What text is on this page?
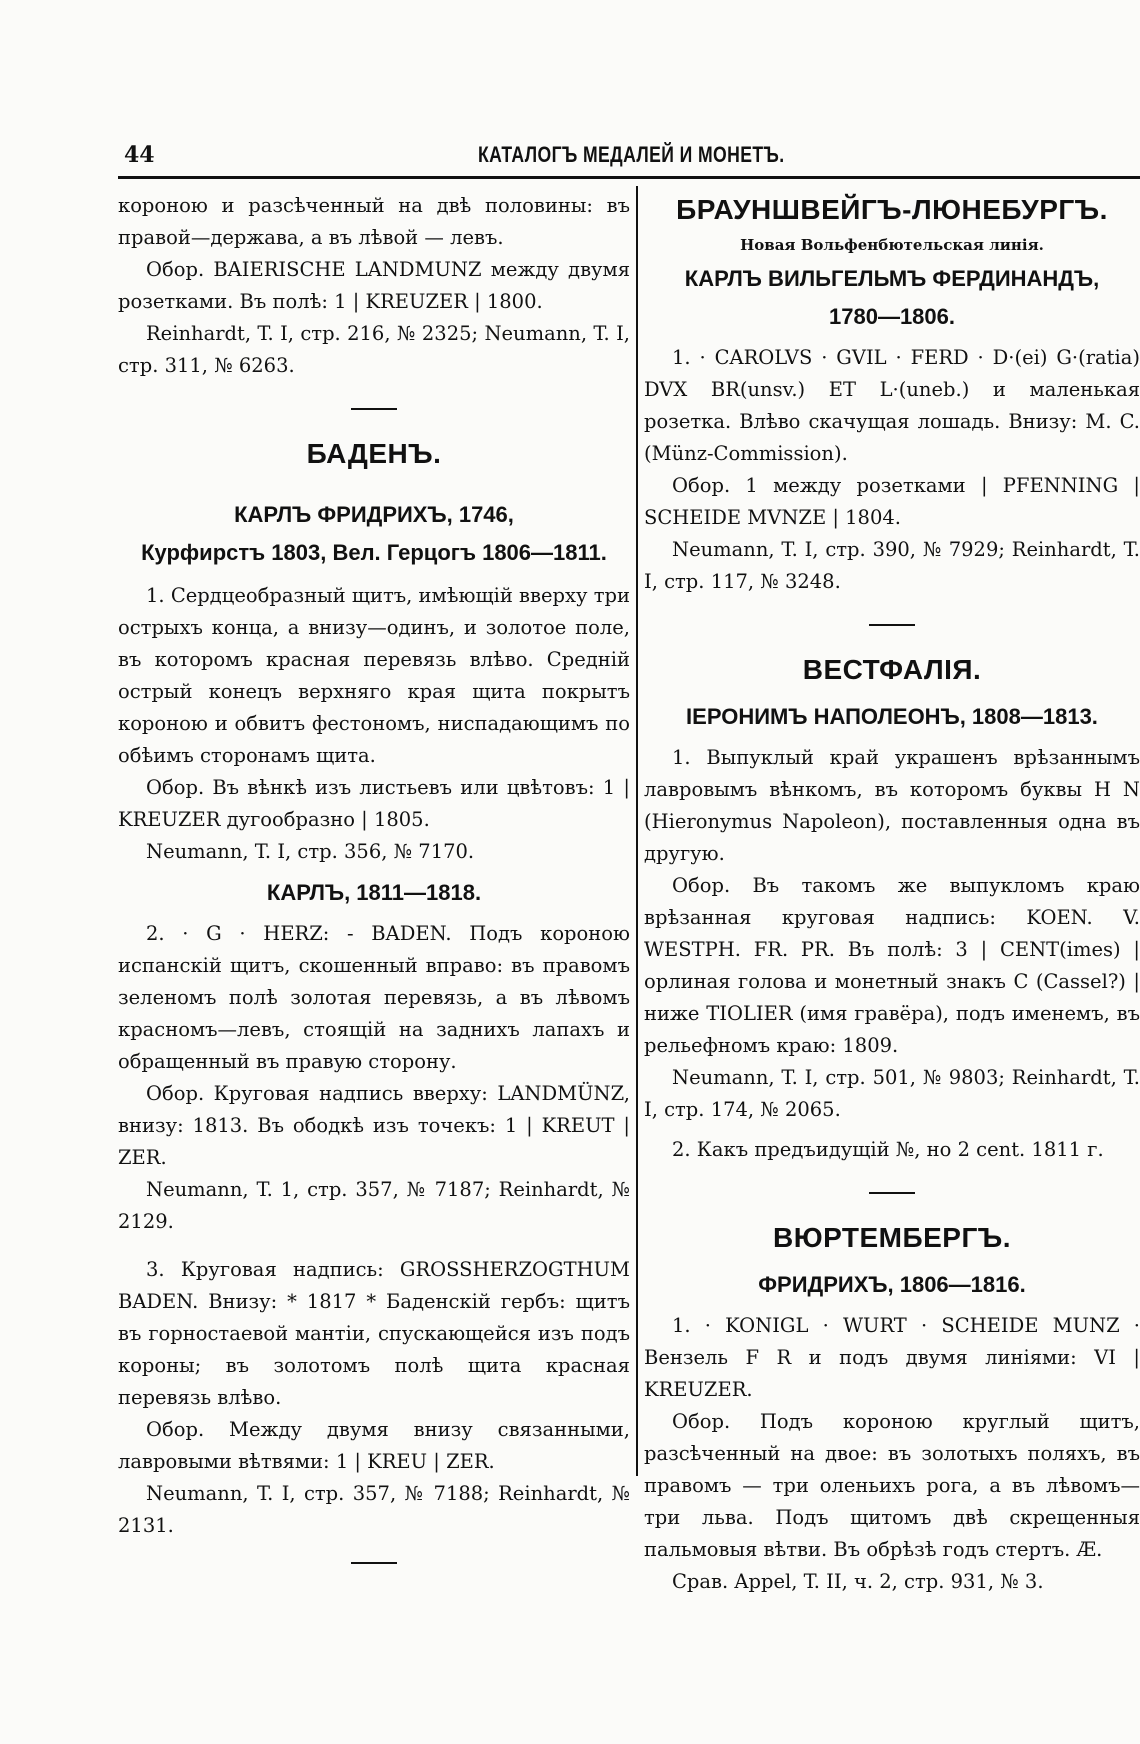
44	КАТАЛОГЪ МЕДАЛЕЙ И МОНЕТЪ.

короною и разсѣченный на двѣ половины: въ правой—держава, а въ лѣвой — левъ.

Обор. BAIERISCHE LANDMUNZ между двумя розетками. Въ полѣ: 1 | KREUZER | 1800.

Reinhardt, T. I, стр. 216, № 2325; Neumann, T. I, стр. 311, № 6263.

БАДЕНЪ.
КАРЛЪ ФРИДРИХЪ, 1746,
Курфирстъ 1803, Вел. Герцогъ 1806—1811.

1. Сердцеобразный щитъ, имѣющій вверху три острыхъ конца, а внизу—одинъ, и золотое поле, въ которомъ красная перевязь влѣво. Средній острый конецъ верхняго края щита покрытъ короною и обвитъ фестономъ, ниспадающимъ по обѣимъ сторонамъ щита.

Обор. Въ вѣнкѣ изъ листьевъ или цвѣтовъ: 1 | KREUZER дугообразно | 1805.

Neumann, T. I, стр. 356, № 7170.

КАРЛЪ, 1811—1818.

2. · G · HERZ: - BADEN. Подъ короною испанскій щитъ, скошенный вправо: въ правомъ зеленомъ полѣ золотая перевязь, а въ лѣвомъ красномъ—левъ, стоящій на заднихъ лапахъ и обращенный въ правую сторону.

Обор. Круговая надпись вверху: LANDMÜNZ, внизу: 1813. Въ ободкѣ изъ точекъ: 1 | KREUT | ZER.

Neumann, T. 1, стр. 357, № 7187; Reinhardt, № 2129.

3. Круговая надпись: GROSSHERZOGTHUM BADEN. Внизу: * 1817 * Баденскій гербъ: щитъ въ горностаевой мантіи, спускающейся изъ подъ короны; въ золотомъ полѣ щита красная перевязь влѣво.

Обор. Между двумя внизу связанными, лавровыми вѣтвями: 1 | KREU | ZER.

Neumann, T. I, стр. 357, № 7188; Reinhardt, № 2131.

БРАУНШВЕЙГЪ-ЛЮНЕБУРГЪ.

Новая Вольфенбютельская линія.

КАРЛЪ ВИЛЬГЕЛЬМЪ ФЕРДИНАНДЪ,
1780—1806.

1. · CAROLVS · GVIL · FERD · D·(ei) G·(ratia) DVX BR(unsv.) ET L·(uneb.) и маленькая розетка. Влѣво скачущая лошадь. Внизу: M. C. (Münz-Commission).

Обор. 1 между розетками | PFENNING | SCHEIDE MVNZE | 1804.

Neumann, T. I, стр. 390, № 7929; Reinhardt, T. I, стр. 117, № 3248.

ВЕСТФАЛІЯ.
ІЕРОНИМЪ НАПОЛЕОНЪ, 1808—1813.

1. Выпуклый край украшенъ врѣзаннымъ лавровымъ вѣнкомъ, въ которомъ буквы H N (Hieronymus Napoleon), поставленныя одна въ другую.

Обор. Въ такомъ же выпукломъ краю врѣзанная круговая надпись: KOEN. V. WESTPH. FR. PR. Въ полѣ: 3 | CENT(imes) | орлиная голова и монетный знакъ C (Cassel?) | ниже TIOLIER (имя гравёра), подъ именемъ, въ рельефномъ краю: 1809.

Neumann, T. I, стр. 501, № 9803; Reinhardt, T. I, стр. 174, № 2065.

2. Какъ предъидущій №, но 2 cent. 1811 г.

ВЮРТЕМБЕРГЪ.
ФРИДРИХЪ, 1806—1816.

1. · KONIGL · WURT · SCHEIDE MUNZ · Вензель F R и подъ двумя линіями: VI | KREUZER.

Обор. Подъ короною круглый щитъ, разсѣченный на двое: въ золотыхъ поляхъ, въ правомъ — три оленьихъ рога, а въ лѣвомъ—три льва. Подъ щитомъ двѣ скрещенныя пальмовыя вѣтви. Въ обрѣзѣ годъ стертъ. Æ.

Срав. Appel, T. II, ч. 2, стр. 931, № 3.
